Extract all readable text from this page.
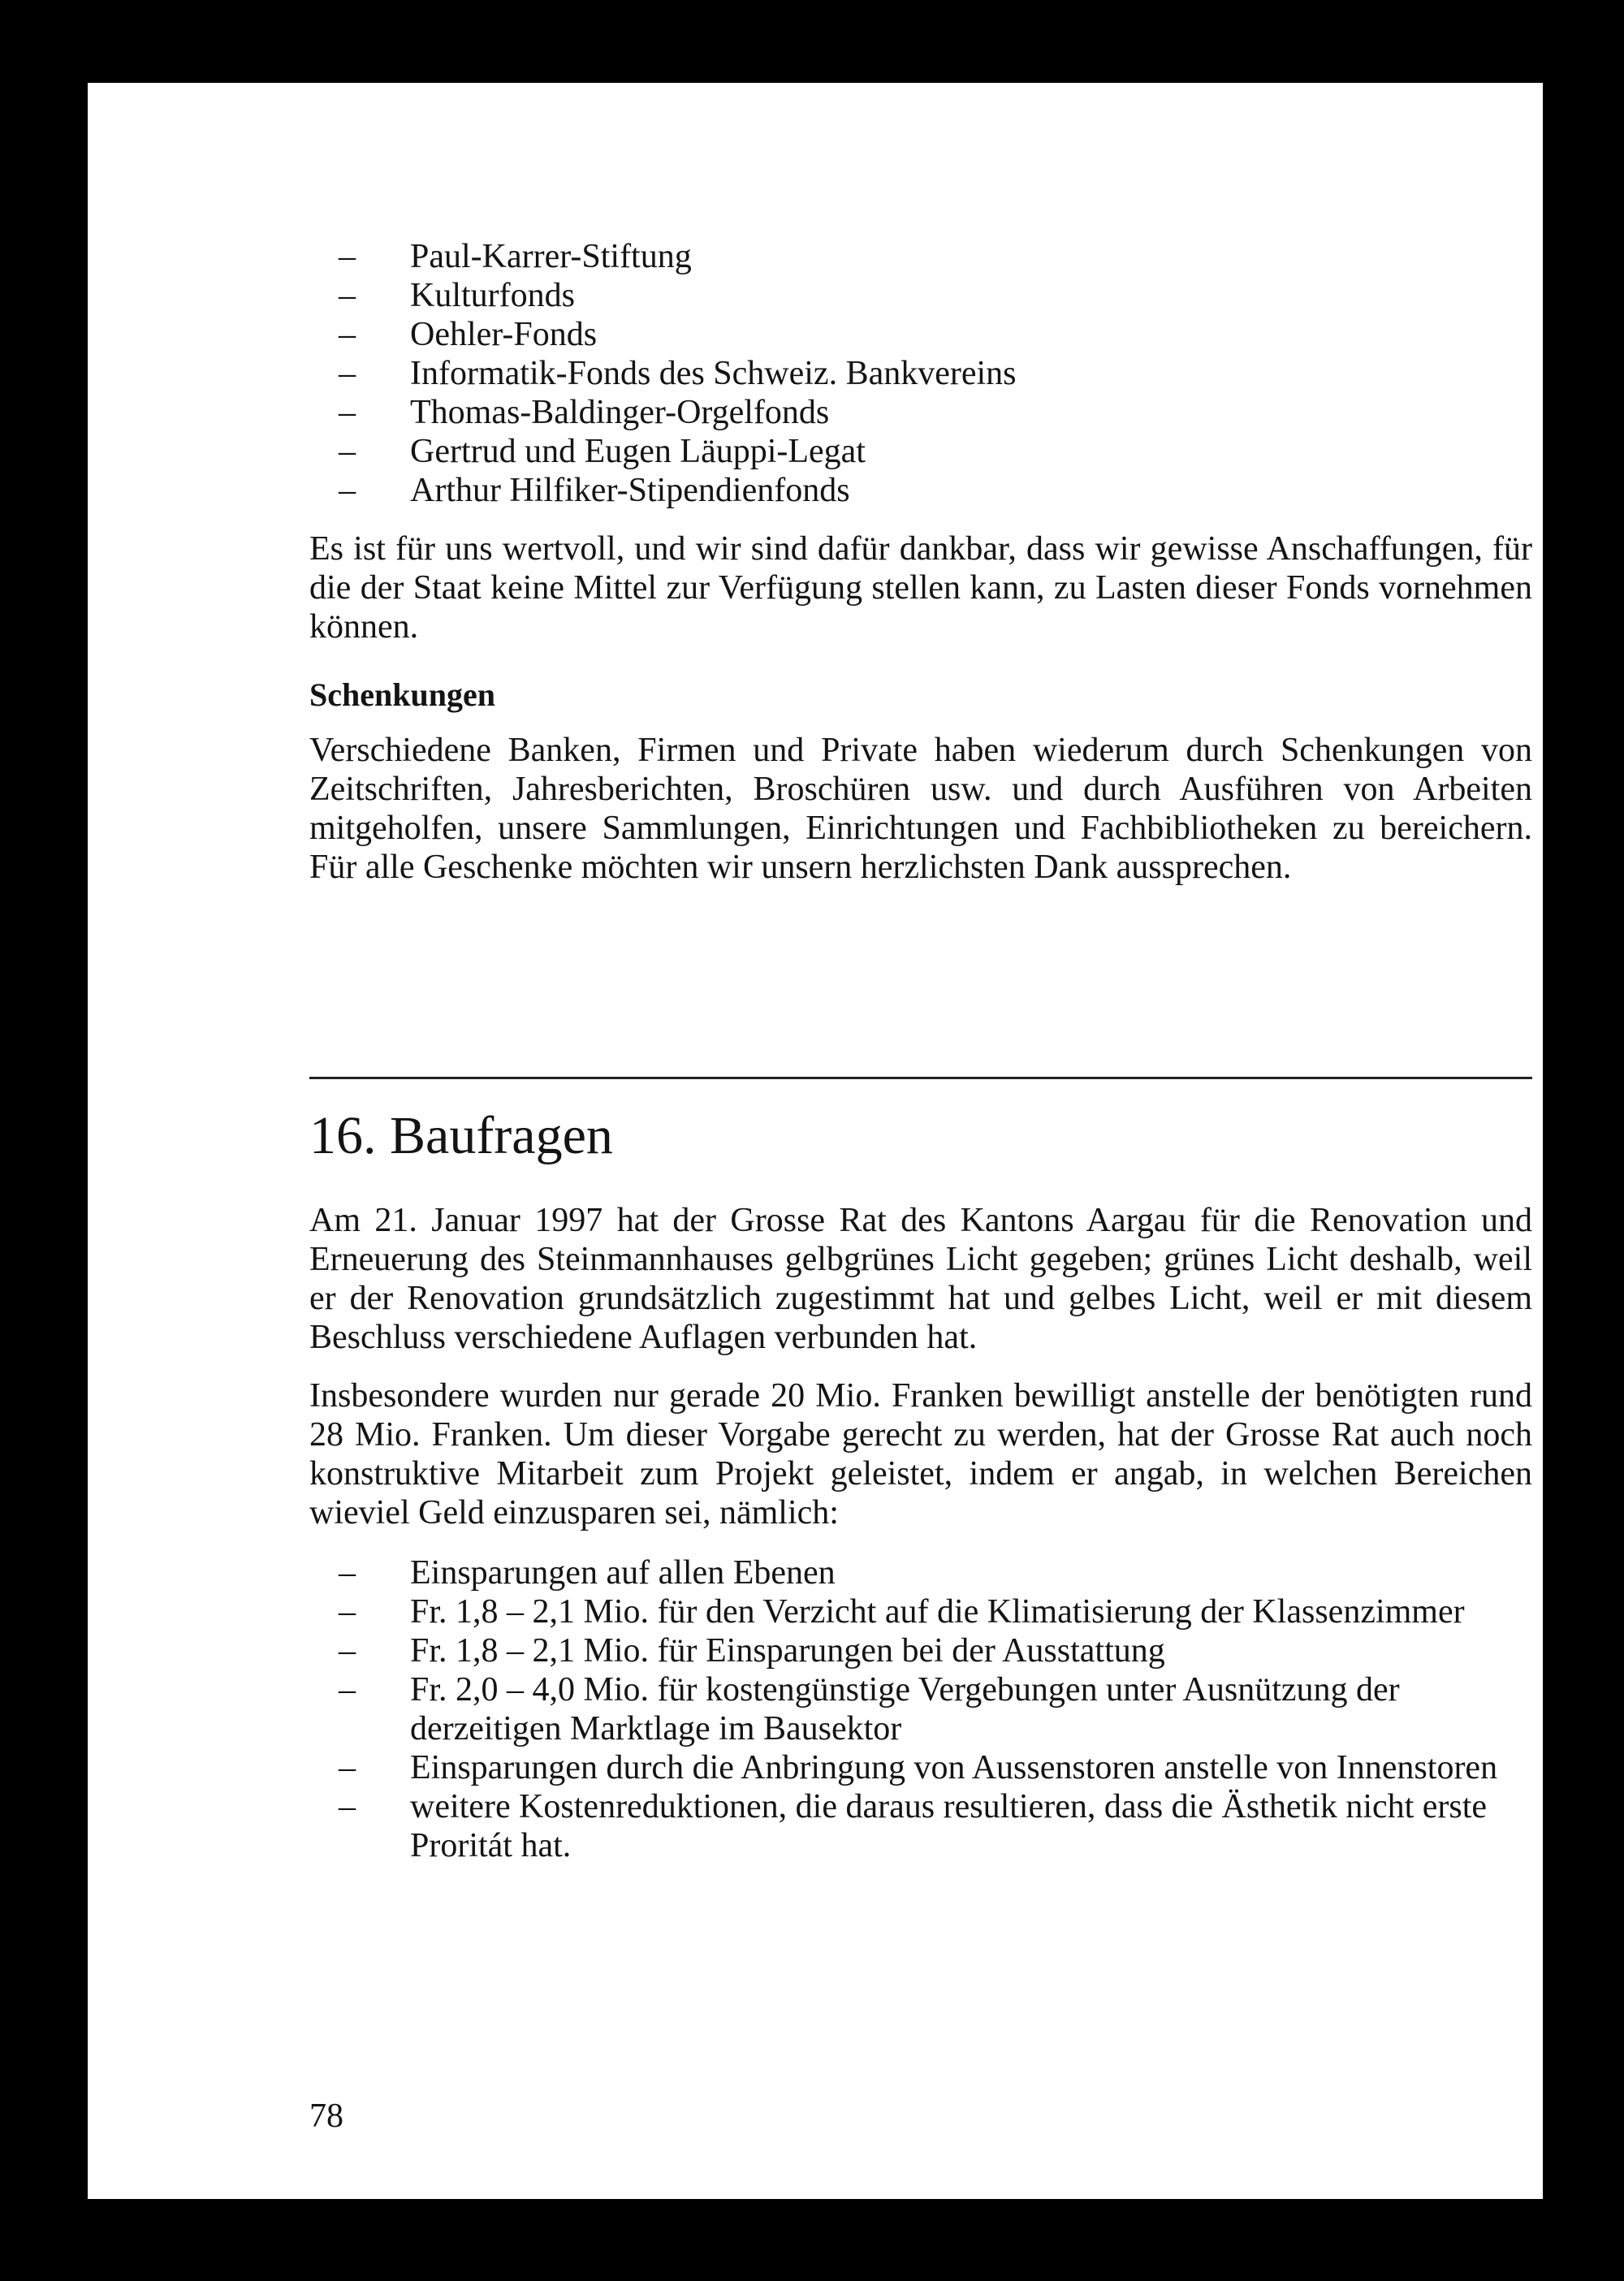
– Paul-Karrer-Stiftung
– Kulturfonds
– Oehler-Fonds
– Informatik-Fonds des Schweiz. Bankvereins
– Thomas-Baldinger-Orgelfonds
– Gertrud und Eugen Läuppi-Legat
– Arthur Hilfiker-Stipendienfonds

Es ist für uns wertvoll, und wir sind dafür dankbar, dass wir gewisse Anschaffungen, für die der Staat keine Mittel zur Verfügung stellen kann, zu Lasten dieser Fonds vornehmen können.

Schenkungen

Verschiedene Banken, Firmen und Private haben wiederum durch Schenkungen von Zeitschriften, Jahresberichten, Broschüren usw. und durch Ausführen von Arbeiten mitgeholfen, unsere Sammlungen, Einrichtungen und Fachbibliotheken zu bereichern. Für alle Geschenke möchten wir unsern herzlichsten Dank aussprechen.

16. Baufragen

Am 21. Januar 1997 hat der Grosse Rat des Kantons Aargau für die Renovation und Erneuerung des Steinmannhauses gelbgrünes Licht gegeben; grünes Licht deshalb, weil er der Renovation grundsätzlich zugestimmt hat und gelbes Licht, weil er mit diesem Beschluss verschiedene Auflagen verbunden hat.

Insbesondere wurden nur gerade 20 Mio. Franken bewilligt anstelle der benötigten rund 28 Mio. Franken. Um dieser Vorgabe gerecht zu werden, hat der Grosse Rat auch noch konstruktive Mitarbeit zum Projekt geleistet, indem er angab, in welchen Bereichen wieviel Geld einzusparen sei, nämlich:

– Einsparungen auf allen Ebenen
– Fr. 1,8 – 2,1 Mio. für den Verzicht auf die Klimatisierung der Klassenzimmer
– Fr. 1,8 – 2,1 Mio. für Einsparungen bei der Ausstattung
– Fr. 2,0 – 4,0 Mio. für kostengünstige Vergebungen unter Ausnützung der derzeitigen Marktlage im Bausektor
– Einsparungen durch die Anbringung von Aussenstoren anstelle von Innenstoren
– weitere Kostenreduktionen, die daraus resultieren, dass die Ästhetik nicht erste Proritát hat.
78
